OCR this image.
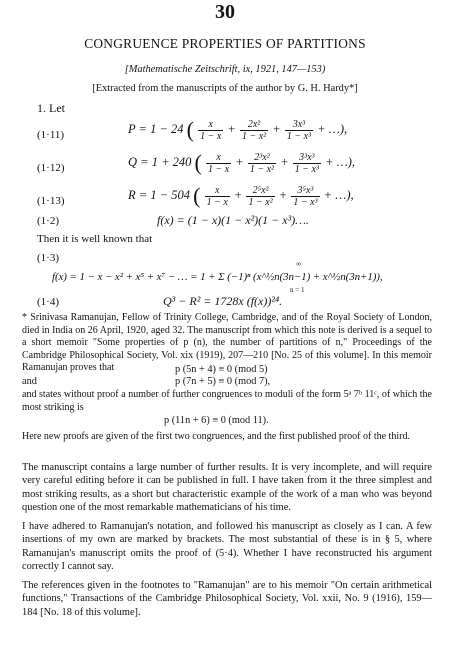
30
CONGRUENCE PROPERTIES OF PARTITIONS
[Mathematische Zeitschrift, ix, 1921, 147—153)
[Extracted from the manuscripts of the author by G. H. Hardy*]
1. Let
(1·11)	P = 1 − 24 ( $\frac{x}{1 - x} + \frac{\text{2x²}}{\text{1 − x²}} + \frac{\text{3x³}}{\text{1 − x³}}$ + …),
(1·12)	Q = 1 + 240 ( $\frac{x}{1 - x} + \frac{\text{2³x²}}{\text{1 − x²}} + \frac{\text{3³x³}}{\text{1 − x³}}$ + …),
(1·13)	R = 1 − 504 ( $\frac{x}{1 - x} + \frac{\text{2⁵x²}}{\text{1 − x²}} + \frac{\text{3⁵x³}}{\text{1 − x³}}$ + …),
(1·2)	f(x) = (1 − x)(1 − x²)(1 − x³)….
Then it is well known that
(1·3)	∞
n = 1
f(x) = 1 − x − x² + x⁵ + x⁷ − … = 1 + Σ (−1)ⁿ (x^½n(3n−1) + x^½n(3n+1)),
(1·4)	Q³ − R² = 1728x (f(x))²⁴.
* Srinivasa Ramanujan, Fellow of Trinity College, Cambridge, and of the Royal Society of London, died in India on 26 April, 1920, aged 32. The manuscript from which this note is derived is a sequel to a short memoir "Some properties of p (n), the number of partitions of n," Proceedings of the Cambridge Philosophical Society, Vol. xix (1919), 207—210 [No. 25 of this volume]. In this memoir Ramanujan proves that	p (5n + 4) ≡ 0 (mod 5)
and	p (7n + 5) ≡ 0 (mod 7),
and states without proof a number of further congruences to moduli of the form 5ᵃ 7ᵇ 11ᶜ, of which the most striking is
p (11n + 6) ≡ 0 (mod 11).
Here new proofs are given of the first two congruences, and the first published proof of the third.
The manuscript contains a large number of further results. It is very incomplete, and will require very careful editing before it can be published in full. I have taken from it the three simplest and most striking results, as a short but characteristic example of the work of a man who was beyond question one of the most remarkable mathematicians of his time.
I have adhered to Ramanujan's notation, and followed his manuscript as closely as I can. A few insertions of my own are marked by brackets. The most substantial of these is in § 5, where Ramanujan's manuscript omits the proof of (5·4). Whether I have reconstructed his argument correctly I cannot say.
The references given in the footnotes to "Ramanujan" are to his memoir "On certain arithmetical functions," Transactions of the Cambridge Philosophical Society, Vol. xxii, No. 9 (1916), 159—184 [No. 18 of this volume].
